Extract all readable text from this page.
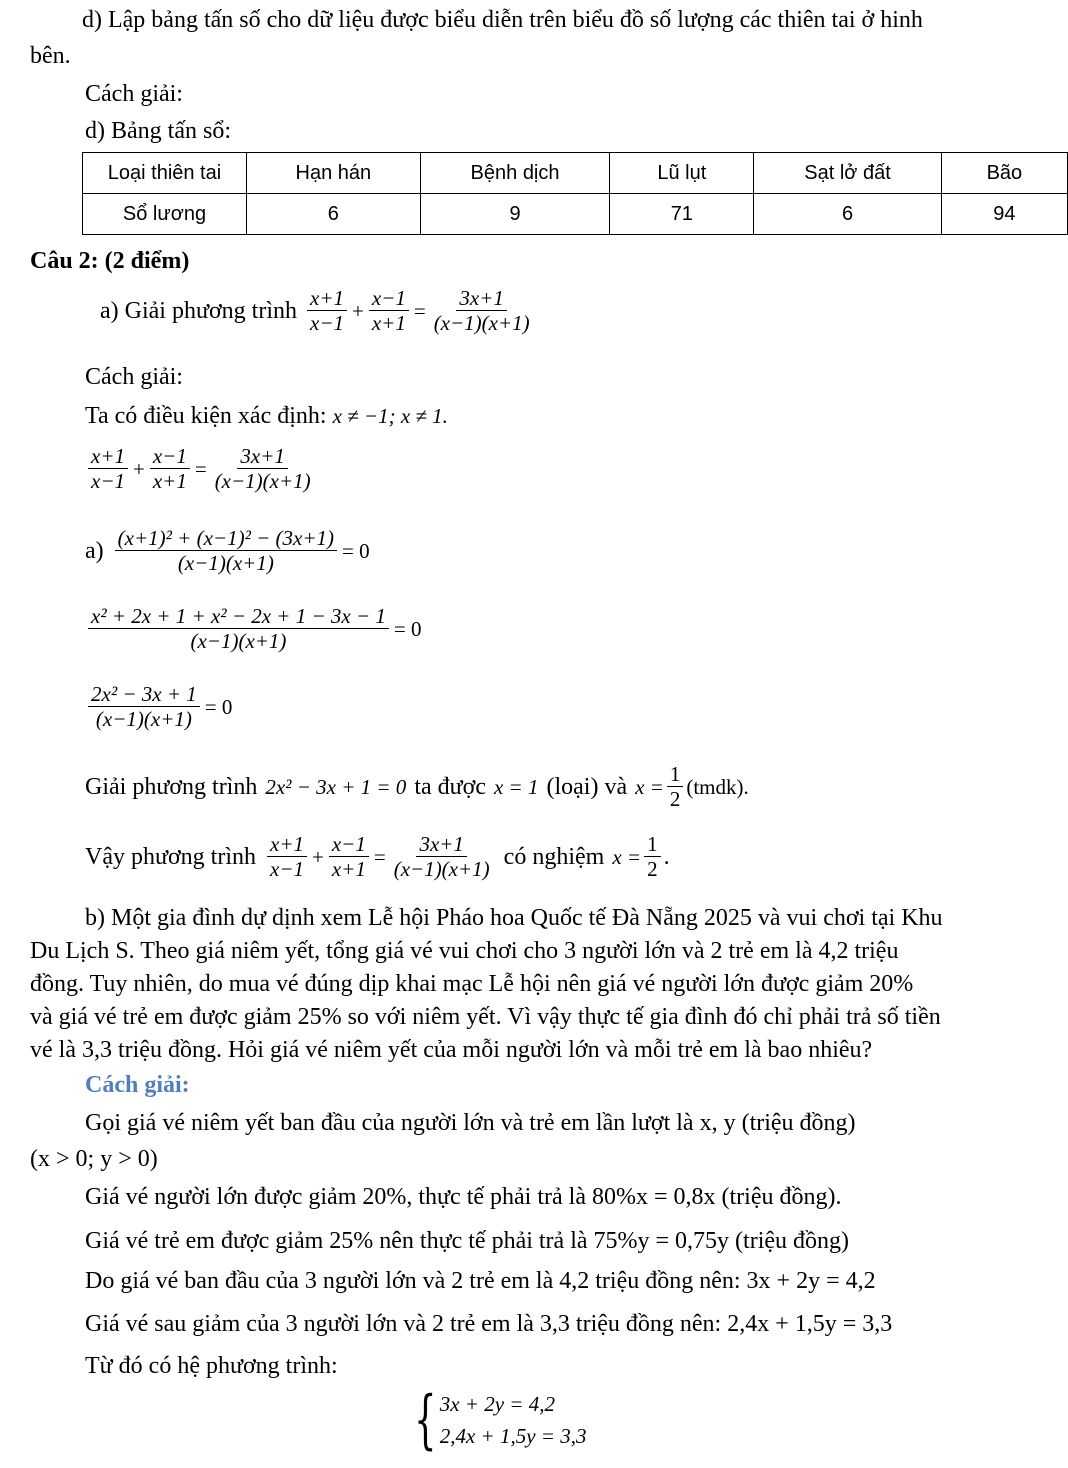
d) Lập bảng tấn số cho dữ liệu được biểu diễn trên biểu đồ số lượng các thiên tai ở hinh
bên.
Cách giải:
d) Bảng tấn sổ:
Loại thiên tai	Hạn hán	Bệnh dịch	Lũ lụt	Sạt lở đất	Bão
Sổ lương	6	9	71	6	94
Câu 2: (2 điểm)
a) Giải phương trình $\frac{x+1}{x-1} + \frac{x-1}{x+1} = \frac{3x+1}{(x-1)(x+1)}$
Cách giải:
Ta có điều kiện xác định: x ≠ −1; x ≠ 1.
$\frac{x+1}{x-1} + \frac{x-1}{x+1} = \frac{3x+1}{(x-1)(x+1)}$
$a) \frac{\text{(x+1)² + (x−1)² − (3x+1)}}{(x-1)(x+1)} = 0$
$\frac{\text{x² + 2x + 1 + x² − 2x + 1 − 3x − 1}}{(x-1)(x+1)} = 0$
$\frac{\text{2x² − 3x + 1}}{(x-1)(x+1)} = 0$
Giải phương trình 2x² − 3x + 1 = 0 ta được x = 1 (loại) và $x = \frac{1}{2}$ (tmdk).
Vậy phương trình $\frac{x+1}{x-1} + \frac{x-1}{x+1} = \frac{3x+1}{(x-1)(x+1)}$ có nghiệm $x = \frac{1}{2}$ .
b) Một gia đình dự dịnh xem Lễ hội Pháo hoa Quốc tế Đà Nẵng 2025 và vui chơi tại Khu
Du Lịch S. Theo giá niêm yết, tổng giá vé vui chơi cho 3 người lớn và 2 trẻ em là 4,2 triệu
đồng. Tuy nhiên, do mua vé đúng dịp khai mạc Lễ hội nên giá vé người lớn được giảm 20%
và giá vé trẻ em được giảm 25% so với niêm yết. Vì vậy thực tế gia đình đó chỉ phải trả số tiền
vé là 3,3 triệu đồng. Hỏi giá vé niêm yết của mỗi người lớn và mỗi trẻ em là bao nhiêu?
Cách giải:
Gọi giá vé niêm yết ban đầu của người lớn và trẻ em lần lượt là x, y (triệu đồng)
(x > 0; y > 0)
Giá vé người lớn được giảm 20%, thực tế phải trả là 80%x = 0,8x (triệu đồng).
Giá vé trẻ em được giảm 25% nên thực tế phải trả là 75%y = 0,75y (triệu đồng)
Do giá vé ban đầu của 3 người lớn và 2 trẻ em là 4,2 triệu đồng nên: 3x + 2y = 4,2
Giá vé sau giảm của 3 người lớn và 2 trẻ em là 3,3 triệu đồng nên: 2,4x + 1,5y = 3,3
Từ đó có hệ phương trình:
{ 3x + 2y = 4,2
2,4x + 1,5y = 3,3
